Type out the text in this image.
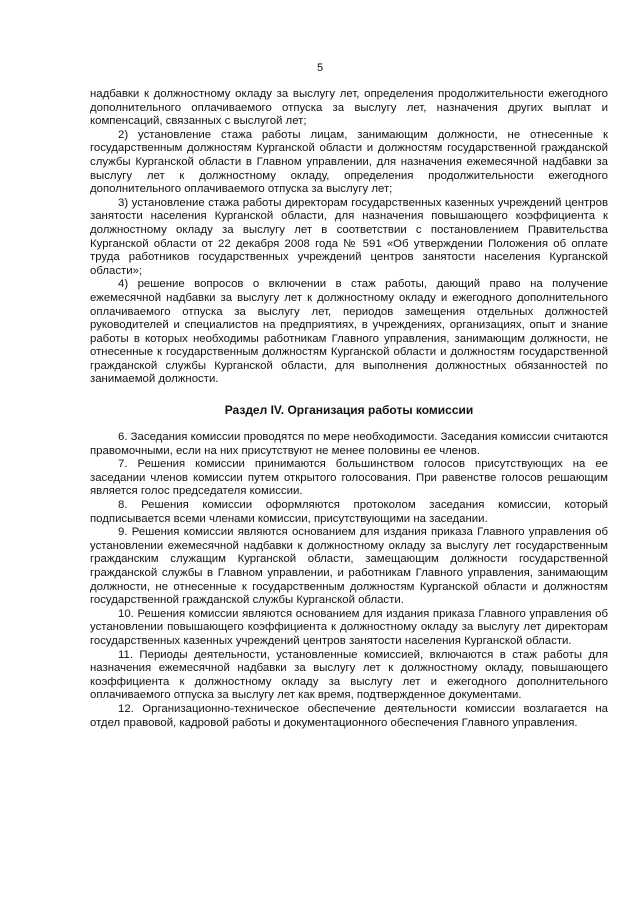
5

надбавки к должностному окладу за выслугу лет, определения продолжительности ежегодного дополнительного оплачиваемого отпуска за выслугу лет, назначения других выплат и компенсаций, связанных с выслугой лет;

2) установление стажа работы лицам, занимающим должности, не отнесенные к государственным должностям Курганской области и должностям государственной гражданской службы Курганской области в Главном управлении, для назначения ежемесячной надбавки за выслугу лет к должностному окладу, определения продолжительности ежегодного дополнительного оплачиваемого отпуска за выслугу лет;

3) установление стажа работы директорам государственных казенных учреждений центров занятости населения Курганской области, для назначения повышающего коэффициента к должностному окладу за выслугу лет в соответствии с постановлением Правительства Курганской области от 22 декабря 2008 года № 591 «Об утверждении Положения об оплате труда работников государственных учреждений центров занятости населения Курганской области»;

4) решение вопросов о включении в стаж работы, дающий право на получение ежемесячной надбавки за выслугу лет к должностному окладу и ежегодного дополнительного оплачиваемого отпуска за выслугу лет, периодов замещения отдельных должностей руководителей и специалистов на предприятиях, в учреждениях, организациях, опыт и знание работы в которых необходимы работникам Главного управления, занимающим должности, не отнесенные к государственным должностям Курганской области и должностям государственной гражданской службы Курганской области, для выполнения должностных обязанностей по занимаемой должности.

Раздел IV. Организация работы комиссии

6. Заседания комиссии проводятся по мере необходимости. Заседания комиссии считаются правомочными, если на них присутствуют не менее половины ее членов.

7. Решения комиссии принимаются большинством голосов присутствующих на ее заседании членов комиссии путем открытого голосования. При равенстве голосов решающим является голос председателя комиссии.

8. Решения комиссии оформляются протоколом заседания комиссии, который подписывается всеми членами комиссии, присутствующими на заседании.

9. Решения комиссии являются основанием для издания приказа Главного управления об установлении ежемесячной надбавки к должностному окладу за выслугу лет государственным гражданским служащим Курганской области, замещающим должности государственной гражданской службы в Главном управлении, и работникам Главного управления, занимающим должности, не отнесенные к государственным должностям Курганской области и должностям государственной гражданской службы Курганской области.

10. Решения комиссии являются основанием для издания приказа Главного управления об установлении повышающего коэффициента к должностному окладу за выслугу лет директорам государственных казенных учреждений центров занятости населения Курганской области.

11. Периоды деятельности, установленные комиссией, включаются в стаж работы для назначения ежемесячной надбавки за выслугу лет к должностному окладу, повышающего коэффициента к должностному окладу за выслугу лет и ежегодного дополнительного оплачиваемого отпуска за выслугу лет как время, подтвержденное документами.

12. Организационно-техническое обеспечение деятельности комиссии возлагается на отдел правовой, кадровой работы и документационного обеспечения Главного управления.
